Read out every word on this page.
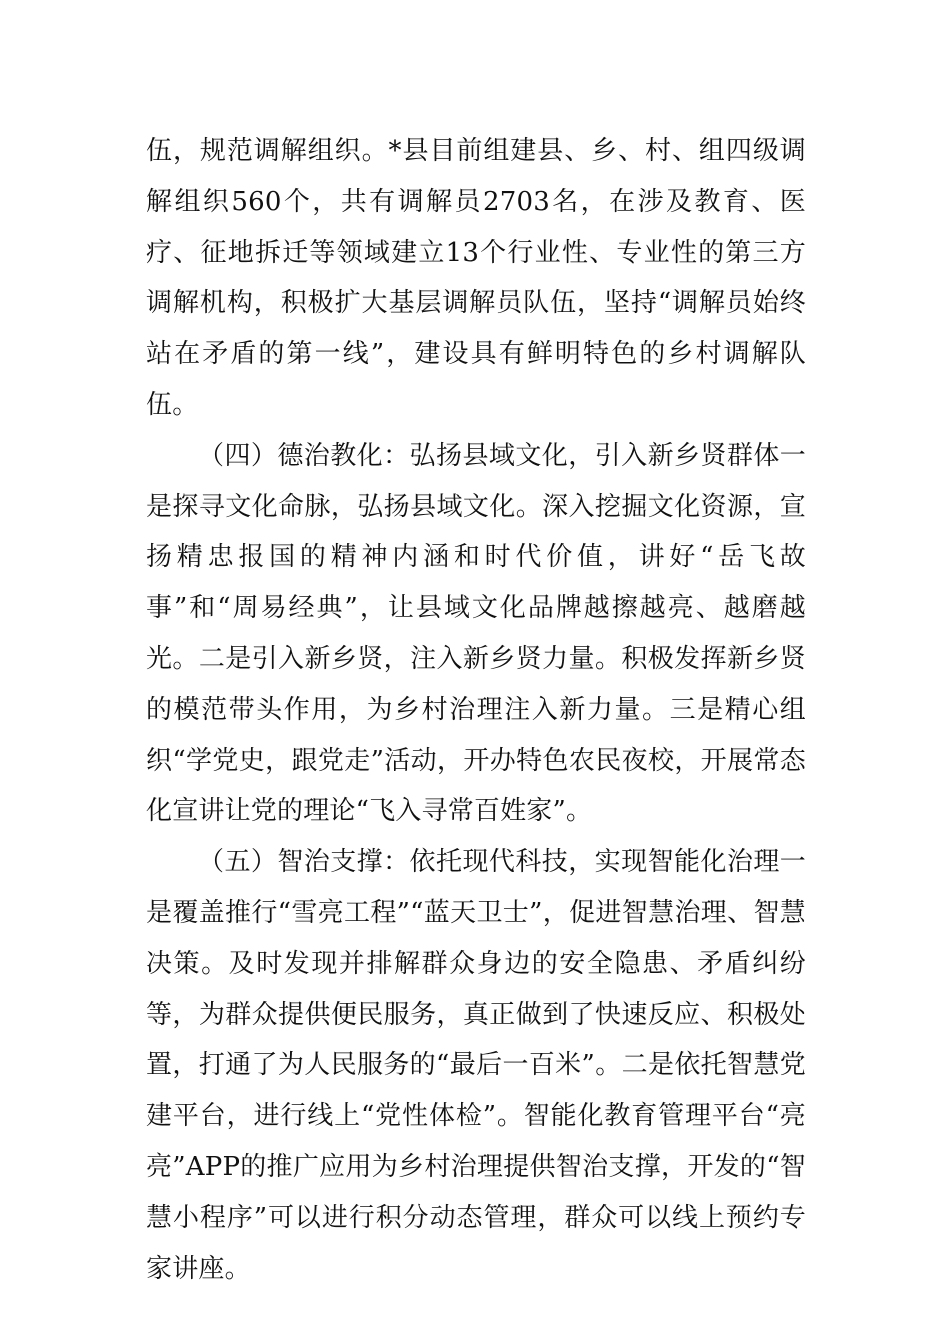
伍，规范调解组织。*县目前组建县、乡、村、组四级调解组织560个，共有调解员2703名，在涉及教育、医疗、征地拆迁等领域建立13个行业性、专业性的第三方调解机构，积极扩大基层调解员队伍，坚持“调解员始终站在矛盾的第一线”，建设具有鲜明特色的乡村调解队伍。

（四）德治教化：弘扬县域文化，引入新乡贤群体一是探寻文化命脉，弘扬县域文化。深入挖掘文化资源，宣扬精忠报国的精神内涵和时代价值，讲好“岳飞故事”和“周易经典”，让县域文化品牌越擦越亮、越磨越光。二是引入新乡贤，注入新乡贤力量。积极发挥新乡贤的模范带头作用，为乡村治理注入新力量。三是精心组织“学党史，跟党走”活动，开办特色农民夜校，开展常态化宣讲让党的理论“飞入寻常百姓家”。

（五）智治支撑：依托现代科技，实现智能化治理一是覆盖推行“雪亮工程”“蓝天卫士”，促进智慧治理、智慧决策。及时发现并排解群众身边的安全隐患、矛盾纠纷等，为群众提供便民服务，真正做到了快速反应、积极处置，打通了为人民服务的“最后一百米”。二是依托智慧党建平台，进行线上“党性体检”。智能化教育管理平台“亮亮”APP的推广应用为乡村治理提供智治支撑，开发的“智慧小程序”可以进行积分动态管理，群众可以线上预约专家讲座。
